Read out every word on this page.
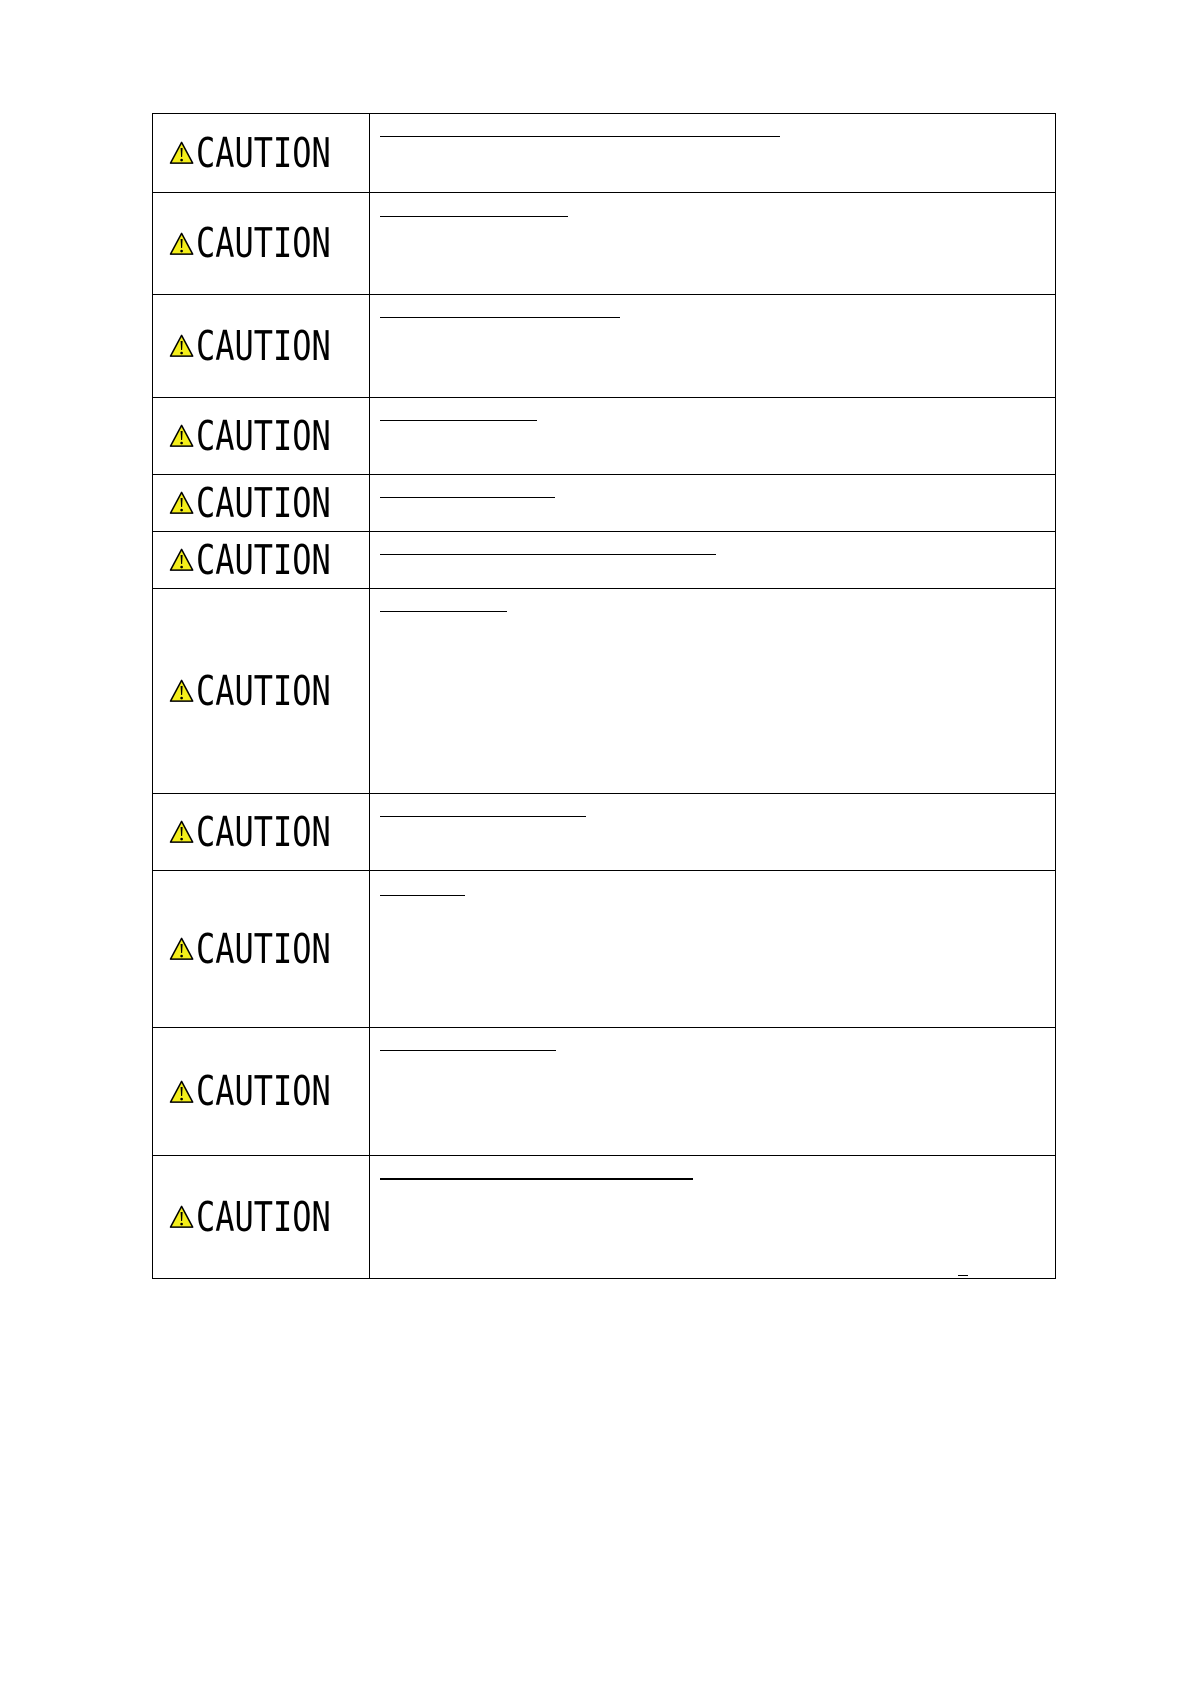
CAUTION	

CAUTION	

CAUTION	

CAUTION	

CAUTION	

CAUTION	

CAUTION	

CAUTION	

CAUTION	

CAUTION	

CAUTION	
